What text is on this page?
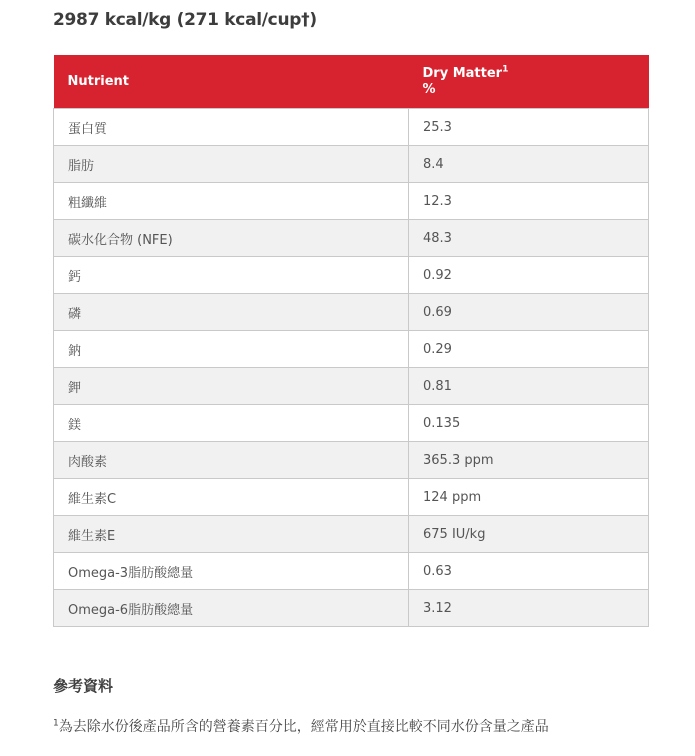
2987 kcal/kg (271 kcal/cup†)
Nutrient	Dry Matter$^1$
%
蛋白質	25.3
脂肪	8.4
粗纖維	12.3
碳水化合物 (NFE)	48.3
鈣	0.92
磷	0.69
鈉	0.29
鉀	0.81
鎂	0.135
肉酸素	365.3 ppm
維生素C	124 ppm
維生素E	675 IU/kg
Omega-3脂肪酸總量	0.63
Omega-6脂肪酸總量	3.12
參考資料
$^1$為去除水份後產品所含的營養素百分比，經常用於直接比較不同水份含量之產品
